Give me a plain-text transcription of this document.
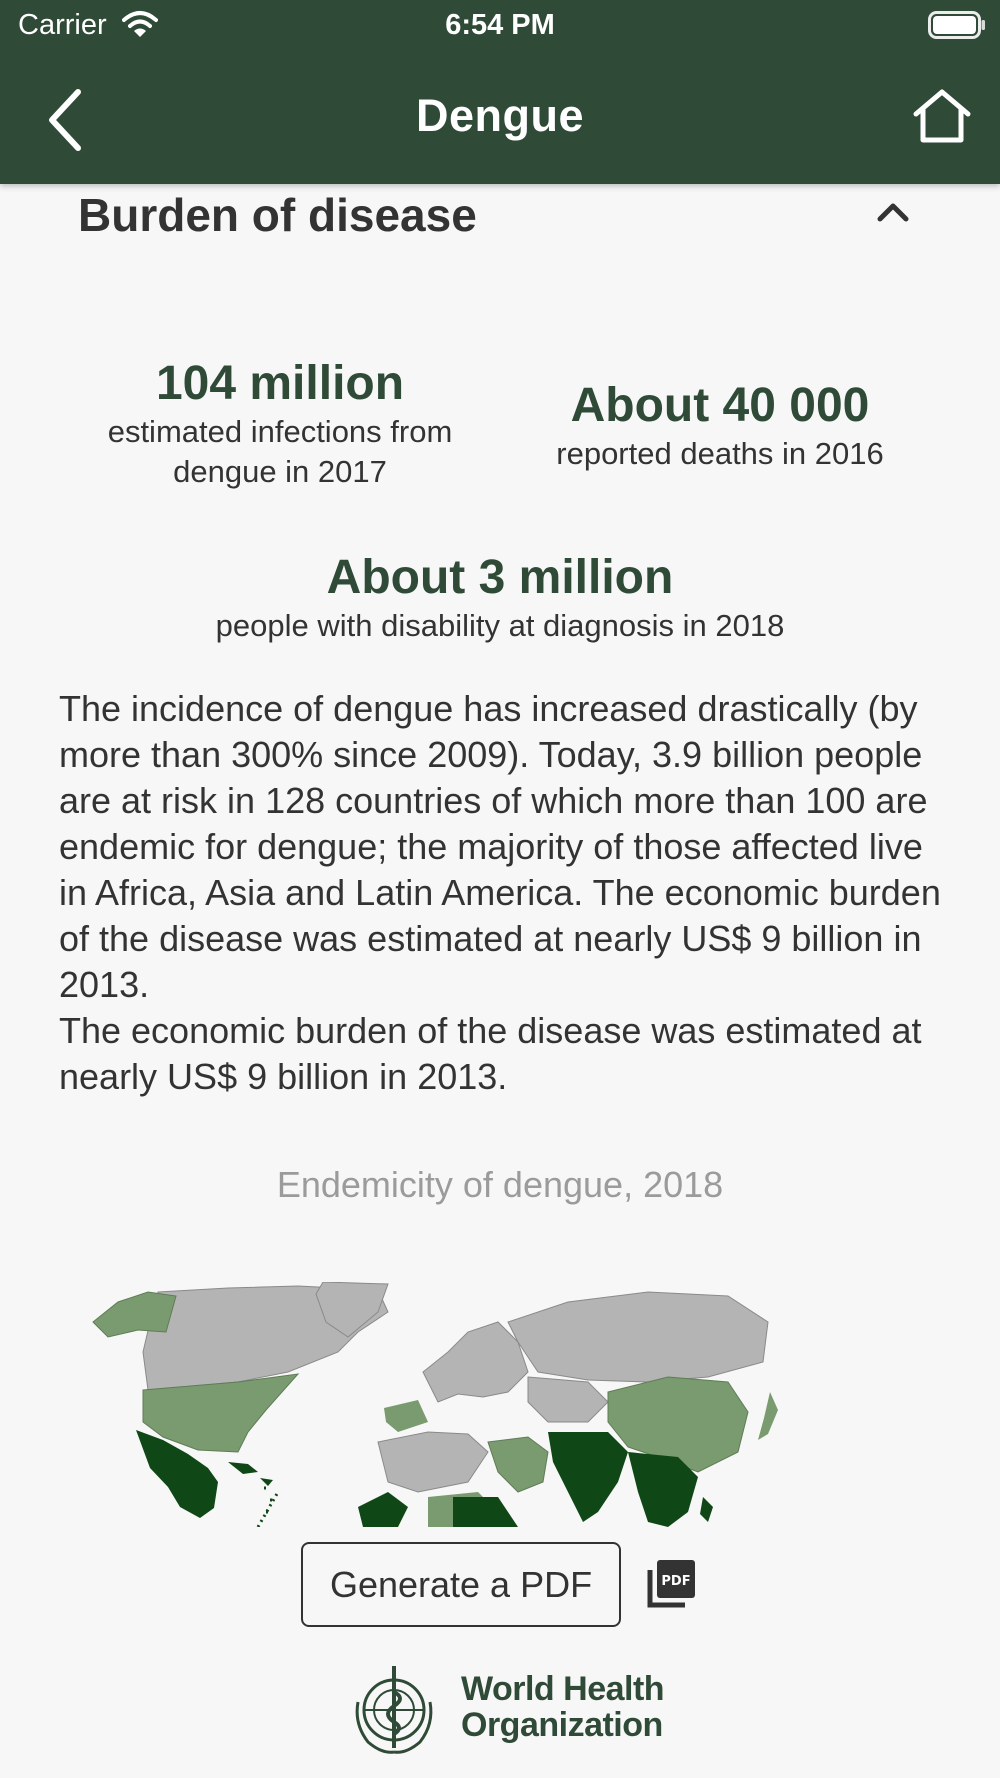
Carrier	6:54 PM
Dengue
Burden of disease
104 million
estimated infections from dengue in 2017
About 40 000
reported deaths in 2016
About 3 million
people with disability at diagnosis in 2018

The incidence of dengue has increased drastically (by more than 300% since 2009). Today, 3.9 billion people are at risk in 128 countries of which more than 100 are endemic for dengue; the majority of those affected live in Africa, Asia and Latin America. The economic burden of the disease was estimated at nearly US$ 9 billion in 2013.

The economic burden of the disease was estimated at nearly US$ 9 billion in 2013.

Endemicity of dengue, 2018
Generate a PDF	PDF
World Health
Organization
